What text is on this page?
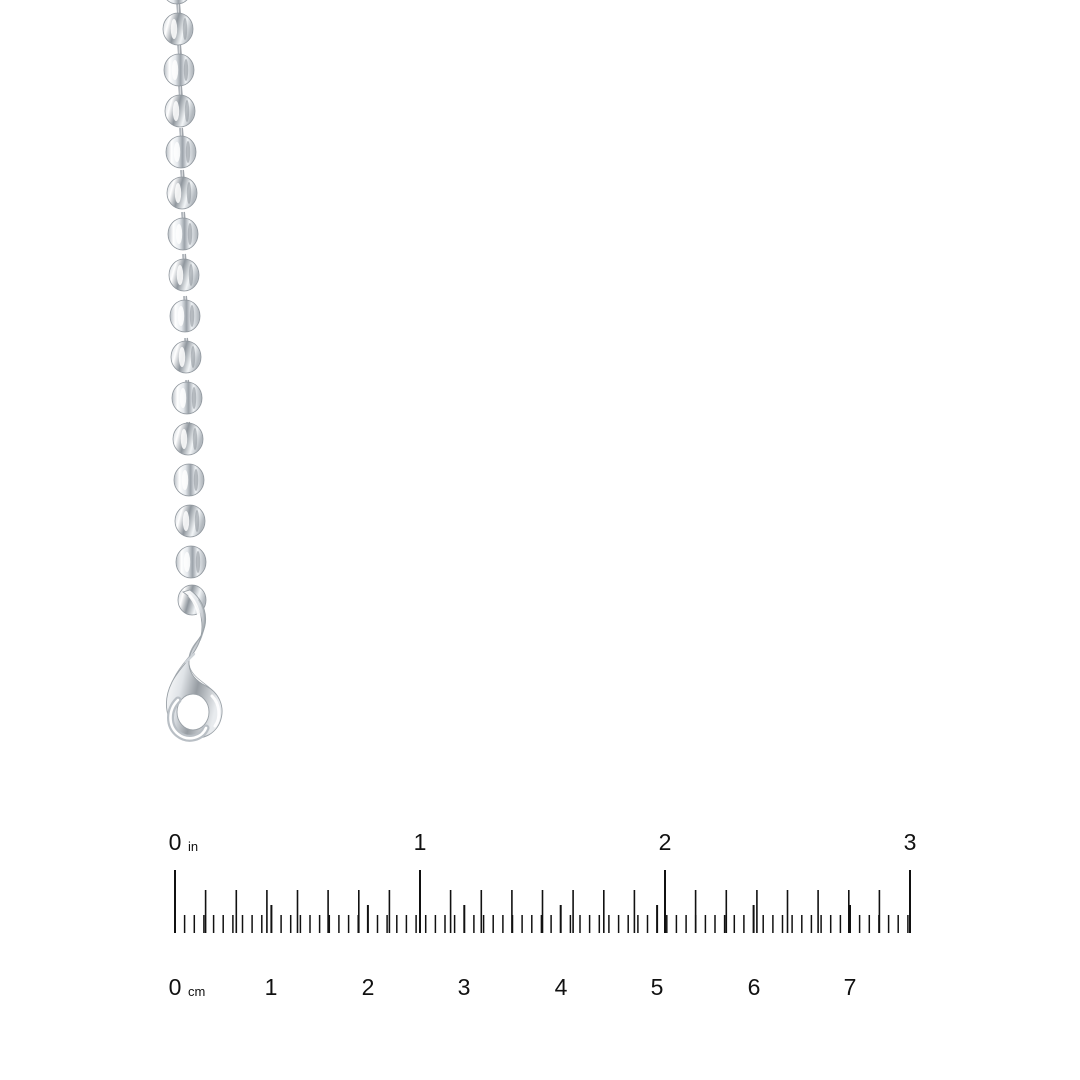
0 in	1	2	3
0 cm	1	2	3	4	5	6	7
